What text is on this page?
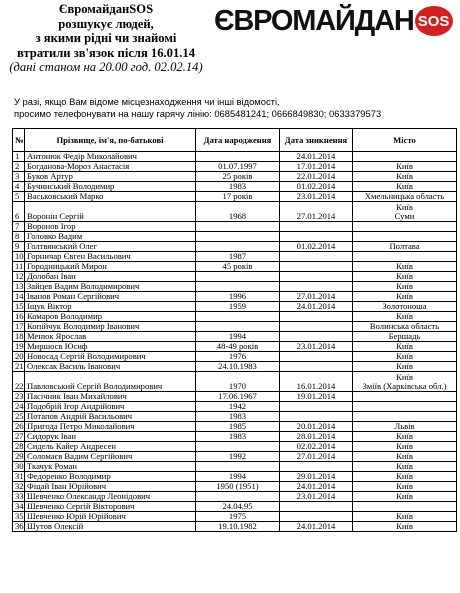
ЄвромайданSOS
розшукує людей,
з якими рідні чи знайомі
втратили зв'язок після 16.01.14
(дані станом на 20.00 год. 02.02.14)
ЄВРОМАЙДАН SOS
У разі, якщо Вам відоме місцезнаходження чи інші відомості,
просимо телефонувати на нашу гарячу лінію: 0685481241; 0666849830; 0633379573
№	Прізвище, ім'я, по-батькові	Дата народження	Дата зникнення	Місто
1	Антонюк Федір Миколайович		24.01.2014	
2	Богданова-Мороз Анастасія	01.07.1997	17.01.2014	Київ
3	Буков Артур	25 років	22.01.2014	Київ
4	Бучинський Володимир	1983	01.02.2014	Київ
5	Васьковський Марко	17 років	23.01.2014	Хмельницька область
6	Воронін Сергій	1968	27.01.2014	Київ
Суми
7	Воронов Ігор			
8	Головко Вадим			
9	Голтвянський Олег		01.02.2014	Полтава
10	Горничар Євген Васильович	1987		
11	Городницький Мирон	45 років		Київ
12	Долобан Іван			Київ
13	Зайцев Вадим Володимирович			Київ
14	Іванов Роман Сергійович	1996	27.01.2014	Київ
15	Іщук Віктор	1959	24.01.2014	Золотоноша
16	Комаров Володимир			Київ
17	Копійчук Володимир Іванович			Волинська область
18	Менюк Ярослав	1994		Бершадь
19	Миршосв Юсиф	48-49 років	23.01.2014	Київ
20	Новосад Сергій Володимирович	1976		Київ
21	Олексак Василь Іванович	24.10.1983		Київ
22	Павловський Сергій Володимирович	1970	16.01.2014	Київ
Зміїв (Харківська обл.)
23	Пасічник Іван Михайлович	17.06.1967	19.01.2014	
24	Подобрій Ігор Андрійович	1942		
25	Потапов Андрій Васильович	1983		
26	Пригода Петро Миколайович	1985	20.01.2014	Львів
27	Сидорук Іван	1983	28.01.2014	Київ
28	Сидель Кайер Андресен		02.02.2014	Київ
29	Соломаєв Вадим Сергійович	1992	27.01.2014	Київ
30	Ткачук Роман			Київ
31	Федоренко Володимир	1994	29.01.2014	Київ
32	Фіцай Іван Юрійович	1950 (1951)	24.01.2014	Київ
33	Шевченко Олександр Леонідович		23.01.2014	Київ
34	Шевченко Сергій Вікторович	24.04.95		
35	Шевченко Юрій Юрійович	1975		Київ
36	Шутов Олексій	19.10.1982	24.01.2014	Київ
